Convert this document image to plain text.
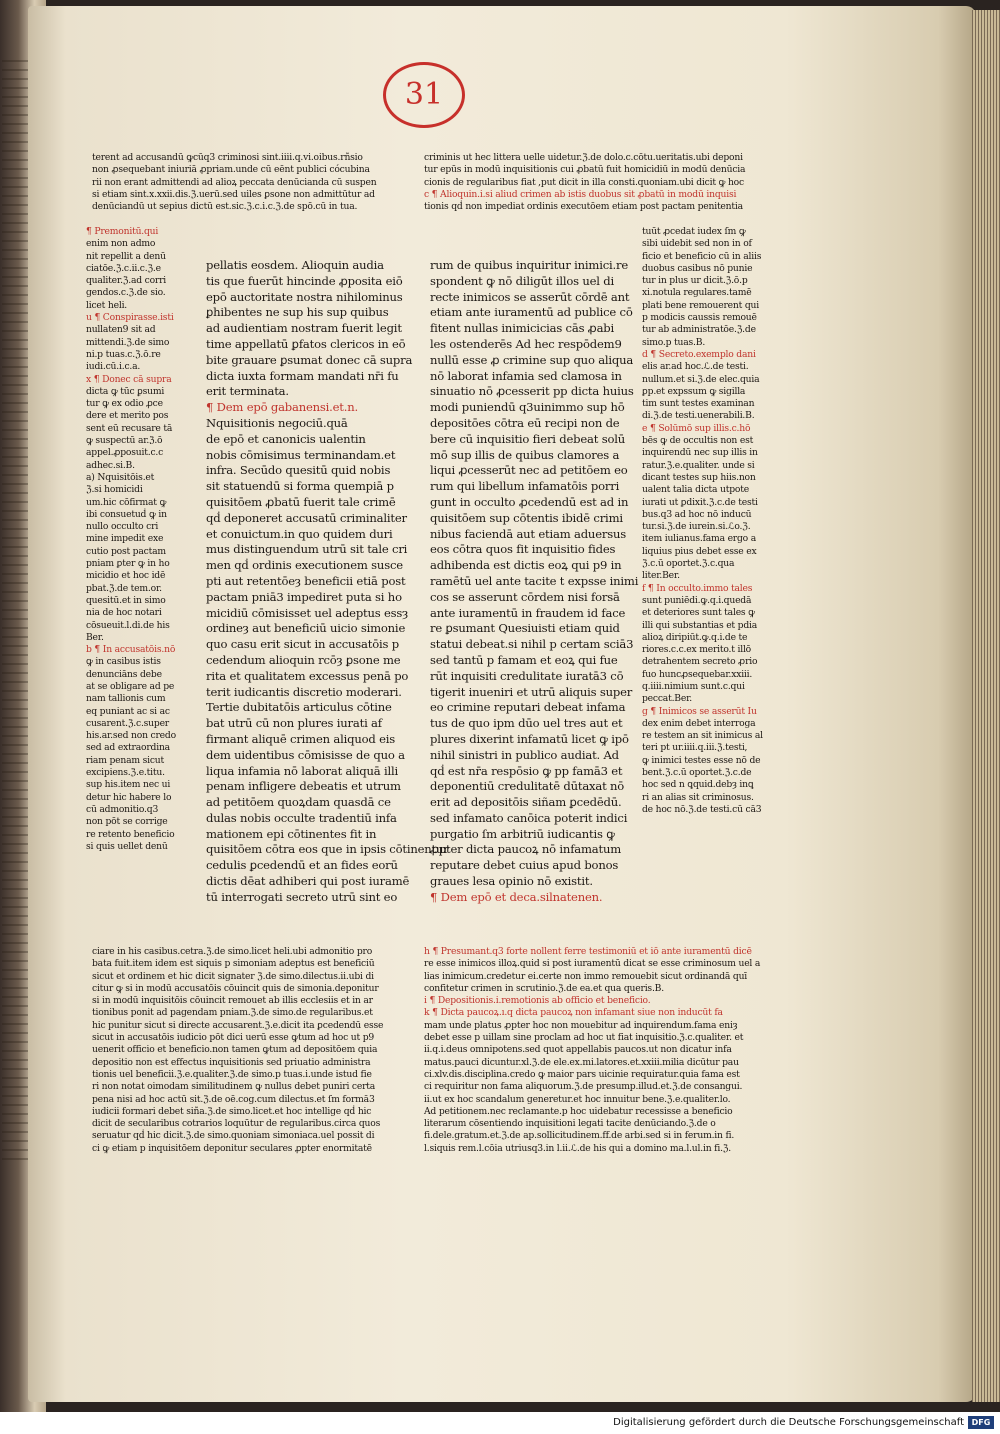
31

terent ad accusandū ꝙcūq3 criminosi sint.iiii.q.vi.oibus.rñsio

non ꝓsequebant iniuriā ꝓpriam.unde cū eēnt publici cócubina

rii non erant admittendi ad alioꝝ peccata denūcianda cū suspen

si etiam sint.x.xxii.dis.ℨ.uerū.sed uiles ꝑsone non admittūtur ad

denūciandū ut sepius dictū est.sic.ℨ.c.i.c.ℨ.de spō.cū in tua.

criminis ut hec littera uelle uidetur.ℨ.de dolo.c.cōtu.ueritatis.ubi deponi

tur epūs in modū inquisitionis cui ꝓbatū fuit homicidiū in modū denūcia

cionis de regularibus fiat ,put dicit in illa consti.quoniam.ubi dicit ꝙ hoc

c ¶ Alioquin.i.si aliud crimen ab istis duobus sit ꝓbatū in modū inquisi

tionis qḋ non impediat ordinis executōem etiam post pactam penitentia

¶ Premonitū.qui

enim non admo

nit repellit a denū

ciatōe.ℨ.c.ii.c.ℨ.e

qualiter.ℨ.ad corri

gendos.c.ℨ.de sio.

licet heli.

u ¶ Conspirasse.isti

nullaten9 sit ad

mittendi.ℨ.de simo

ni.p tuas.c.ℨ.ō.re

iudi.cū.i.c.a.

x ¶ Donec cā supra

dicta ꝙ tūc ꝑsumi

tur ꝙ ex odio ꝓce

dere et merito pos

sent eū recusare tā

ꝙ suspectū ar.ℨ.ō

appel.ꝓposuit.c.c

adhec.si.B.

a) Nquisitōis.et

ℨ.si homicidi

um.hic cōfirmat ꝙ

ibi consuetuḋ ꝙ in

nullo occulto cri

mine impedit exe

cutio post pactam

pniam ꝑter ꝙ in ho

micidio et hoc idē

pbat.ℨ.de tem.or.

quesitū.et in simo

nia de hoc notari

cōsueuit.l.di.de his

Ber.

b ¶ In accusatōis.nō

ꝙ in casibus istis

denunciāns debe

at se obligare ad pe

nam tallionis cum

eq puniant ac si ac

cusarent.ℨ.c.super

his.ar.sed non credo

sed ad extraordina

riam penam sicut

excipiens.ℨ.e.titu.

sup his.item nec ui

detur hic habere lo

cū admonitio.q3

non pōt se corrige

re retento beneficio

si quis uellet denū

pellatis eosdem. Alioquin audia

tis que fuerūt hincinde ꝓposita eiō

epō auctoritate nostra nihilominus

ꝑhibentes ne sup his sup quibus

ad audientiam nostram fuerit legit

time appellatū ꝑfatos clericos in eō

bite grauare ꝑsumat donec cā supra

dicta iuxta formam mandati nr̄i fu

erit terminata.

¶ Dem epō gabanensi.et.n.

Nquisitionis negociū.quā

de epō et canonicis ualentin

nobis cōmisimus terminandam.et

infra. Secūdo quesitū quid nobis

sit statuendū si forma quempiā p

quisitōem ꝓbatū fuerit tale crimē

qḋ deponeret accusatū criminaliter

et conuictum.in quo quidem duri

mus distinguendum utrū sit tale cri

men qḋ ordinis executionem susce

pti aut retentōeȝ beneficii etiā post

pactam pniā3 impediret puta si ho

micidiū cōmisisset uel adeptus essȝ

ordineȝ aut beneficiū uicio simonie

quo casu erit sicut in accusatōis p

cedendum alioquin rcōȝ ꝑsone me

rita et qualitatem excessus penā po

terit iudicantis discretio moderari.

Tertie dubitatōis articulus cōtine

bat utrū cū non plures iurati af

firmant aliquē crimen aliquod eis

dem uidentibus cōmisisse de quo a

liqua infamia nō laborat aliquā illi

penam infligere debeatis et utrum

ad petitōem quoꝝdam quasdā ce

dulas nobis occulte tradentiū infa

mationem epi cōtinentes fit in

quisitōem cōtra eos que in ipsis cōtinentur

cedulis ꝑcedendū et an fides eorū

dictis dēat adhiberi qui post iuramē

tū interrogati secreto utrū sint eo

rum de quibus inquiritur inimici.re

spondent ꝙ nō diligūt illos uel di

recte inimicos se asserūt cōrdē ant

etiam ante iuramentū ad publice cō

fitent nullas inimicicias cās ꝓabi

les ostenderēs Ad hec respōdem9

nullū esse ꝓ crimine sup quo aliqua

nō laborat infamia sed clamosa in

sinuatio nō ꝓcesserit pp dicta huius

modi puniendū q3uinimmo sup hō

depositōes cōtra eū recipi non de

bere cū inquisitio fieri debeat solū

mō sup illis de quibus clamores a

liqui ꝓcesserūt nec ad petitōem eo

rum qui libellum infamatōis porri

gunt in occulto ꝓcedendū est ad in

quisitōem sup cōtentis ibidē crimi

nibus faciendā aut etiam aduersus

eos cōtra quos fit inquisitio fides

adhibenda est dictis eoꝝ qui p9 in

ramētū uel ante tacite t expsse inimi

cos se asserunt cōrdem nisi forsā

ante iuramentū in fraudem id face

re ꝑsumant Quesiuisti etiam quid

statui debeat.si nihil p certam sciā3

sed tantū p famam et eoꝝ qui fue

rūt inquisiti credulitate iuratā3 cō

tigerit inueniri et utrū aliquis super

eo crimine reputari debeat infama

tus de quo ipm dūo uel tres aut et

plures dixerint infamatū licet ꝙ ipō

nihil sinistri in publico audiat. Ad

qḋ est nr̄a respōsio ꝙ pp famā3 et

deponentiū credulitatē dūtaxat nō

erit ad depositōis siñam ꝑcedēdū.

sed infamato canōica poterit indici

purgatio ſm arbitriū iudicantis ꝙ

ꝓpter dicta paucoꝝ nō infamatum

reputare debet cuius apud bonos

graues lesa opinio nō existit.

¶ Dem epō et deca.silnatenen.

tuūt ꝓcedat iudex ſm ꝙ

sibi uidebit sed non in of

ficio et beneficio cū in aliis

duobus casibus nō punie

tur in plus ur dicit.ℨ.ō.p

xi.notula regulares.tamē

plati bene remouerent qui

p modicis caussis remouē

tur ab administratōe.ℨ.de

simo.p tuas.B.

d ¶ Secreto.exemplo dani

elis ar.ad hoc.ℒ.de testi.

nullum.et si.ℨ.de elec.quia

ꝑp.et expssum ꝙ sigilla

tim sunt testes examinan

di.ℨ.de testi.uenerabili.B.

e ¶ Solūmō sup illis.c.hō

bēs ꝙ de occultis non est

inquirendū nec sup illis in

ratur.ℨ.e.qualiter. unde si

dicant testes sup hiis.non

ualent talia dicta utpote

iurati ut ꝑdixit.ℨ.c.de testi

bus.q3 ad hoc nō inducū

tur.si.ℨ.de iurein.si.ℒo.ℨ.

item iulianus.fama ergo a

liquius pius debet esse ex

ℨ.c.ū oportet.ℨ.c.qua

liter.Ber.

f ¶ In occulto.immo tales

sunt puniēdi.ꝙ.q.i.quedā

et deteriores sunt tales ꝙ

illi qui substantias et pdia

alioꝝ diripiūt.ꝙ.q.i.de te

riores.c.c.ex merito.t illō

detrahentem secreto ꝓrio

fuo huncꝓsequebar.xxiii.

q.iiii.nimium sunt.c.qui

peccat.Ber.

g ¶ Inimicos se asserūt Iu

dex enim debet interroga

re testem an sit inimicus al

teri pt ur.iiii.q.iii.ℨ.testi,

ꝙ inimici testes esse nō de

bent.ℨ.c.ū oportet.ℨ.c.de

hoc sed n ꝗquid.debȝ inꝗ

ri an alias sit criminosus.

de hoc nō.ℨ.de testi.cū cā3

ciare in his casibus.cetra.ℨ.de simo.licet heli.ubi admonitio pro

bata fuit.item idem est siquis p simoniam adeptus est beneficiū

sicut et ordinem et hic dicit signater ℨ.de simo.dilectus.ii.ubi di

citur ꝙ si in modū accusatōis cōuincit quis de simonia.deponitur

si in modū inquisitōis cōuincit remouet ab illis ecclesiis et in ar

tionibus ponit ad pagendam pniam.ℨ.de simo.de regularibus.et

hic punitur sicut si directe accusarent.ℨ.e.dicit ita ꝑcedendū esse

sicut in accusatōis iudicio pōt dici uerū esse ꝙtum ad hoc ut p9

uenerit officio et beneficio.non tamen ꝙtum ad depositōem quia

depositio non est effectus inquisitionis sed priuatio administra

tionis uel beneficii.ℨ.e.qualiter.ℨ.de simo.p tuas.i.unde istud fie

ri non notat oimodam similitudinem ꝙ nullus debet puniri certa

pena nisi ad hoc actū sit.ℨ.de oē.cog.cum dilectus.et ſm formā3

iudicii formari debet siña.ℨ.de simo.licet.et hoc intellige qḋ hic

dicit de secularibus cotrarios loquūtur de regularibus.circa quos

seruatur qḋ hic dicit.ℨ.de simo.quoniam simoniaca.uel possit di

ci ꝙ etiam p inquisitōem deponitur seculares ꝓpter enormitatē

h ¶ Presumant.q3 forte nollent ferre testimoniū et iō ante iuramentū dicē

re esse inimicos illoꝝ.quid si post iuramentū dicat se esse criminosum uel a

lias inimicum.credetur ei.certe non immo remouebit sicut ordinandā quī

confitetur crimen in scrutinio.ℨ.de ea.et qua queris.B.

i ¶ Depositionis.i.remotionis ab officio et beneficio.

k ¶ Dicta paucoꝝ.ı.q dicta paucoꝝ non infamant siue non inducūt fa

mam unde platus ꝓpter hoc non mouebitur ad inquirendum.fama eniȝ

debet esse p uillam sine proclam ad hoc ut fiat inquisitio.ℨ.c.qualiter. et

ii.q.i.deus omnipotens.sed quot appellabis paucos.ut non dicatur infa

matus.pauci dicuntur.xl.ℨ.de ele.ex.mi.latores.et.xxiii.milia dicūtur pau

ci.xlv.dis.disciplina.credo ꝙ maior pars uicinie requiratur.quia fama est

ci requiritur non fama aliquorum.ℨ.de presump.illud.et.ℨ.de consangui.

ii.ut ex hoc scandalum generetur.et hoc innuitur bene.ℨ.e.qualiter.lo.

Ad petitionem.nec reclamante.p hoc uidebatur recessisse a beneficio

literarum cōsentiendo inquisitioni legati tacite denūciando.ℨ.de o

fi.dele.gratum.et.ℨ.de ap.sollicitudinem.ff.de arbi.sed si in ferum.in fi.

l.siquis rem.l.cōia utriusq3.in l.ii.ℒ.de his qui a domino ma.l.ul.in fi.ℨ.

Digitalisierung gefördert durch die Deutsche Forschungsgemeinschaft DFG
